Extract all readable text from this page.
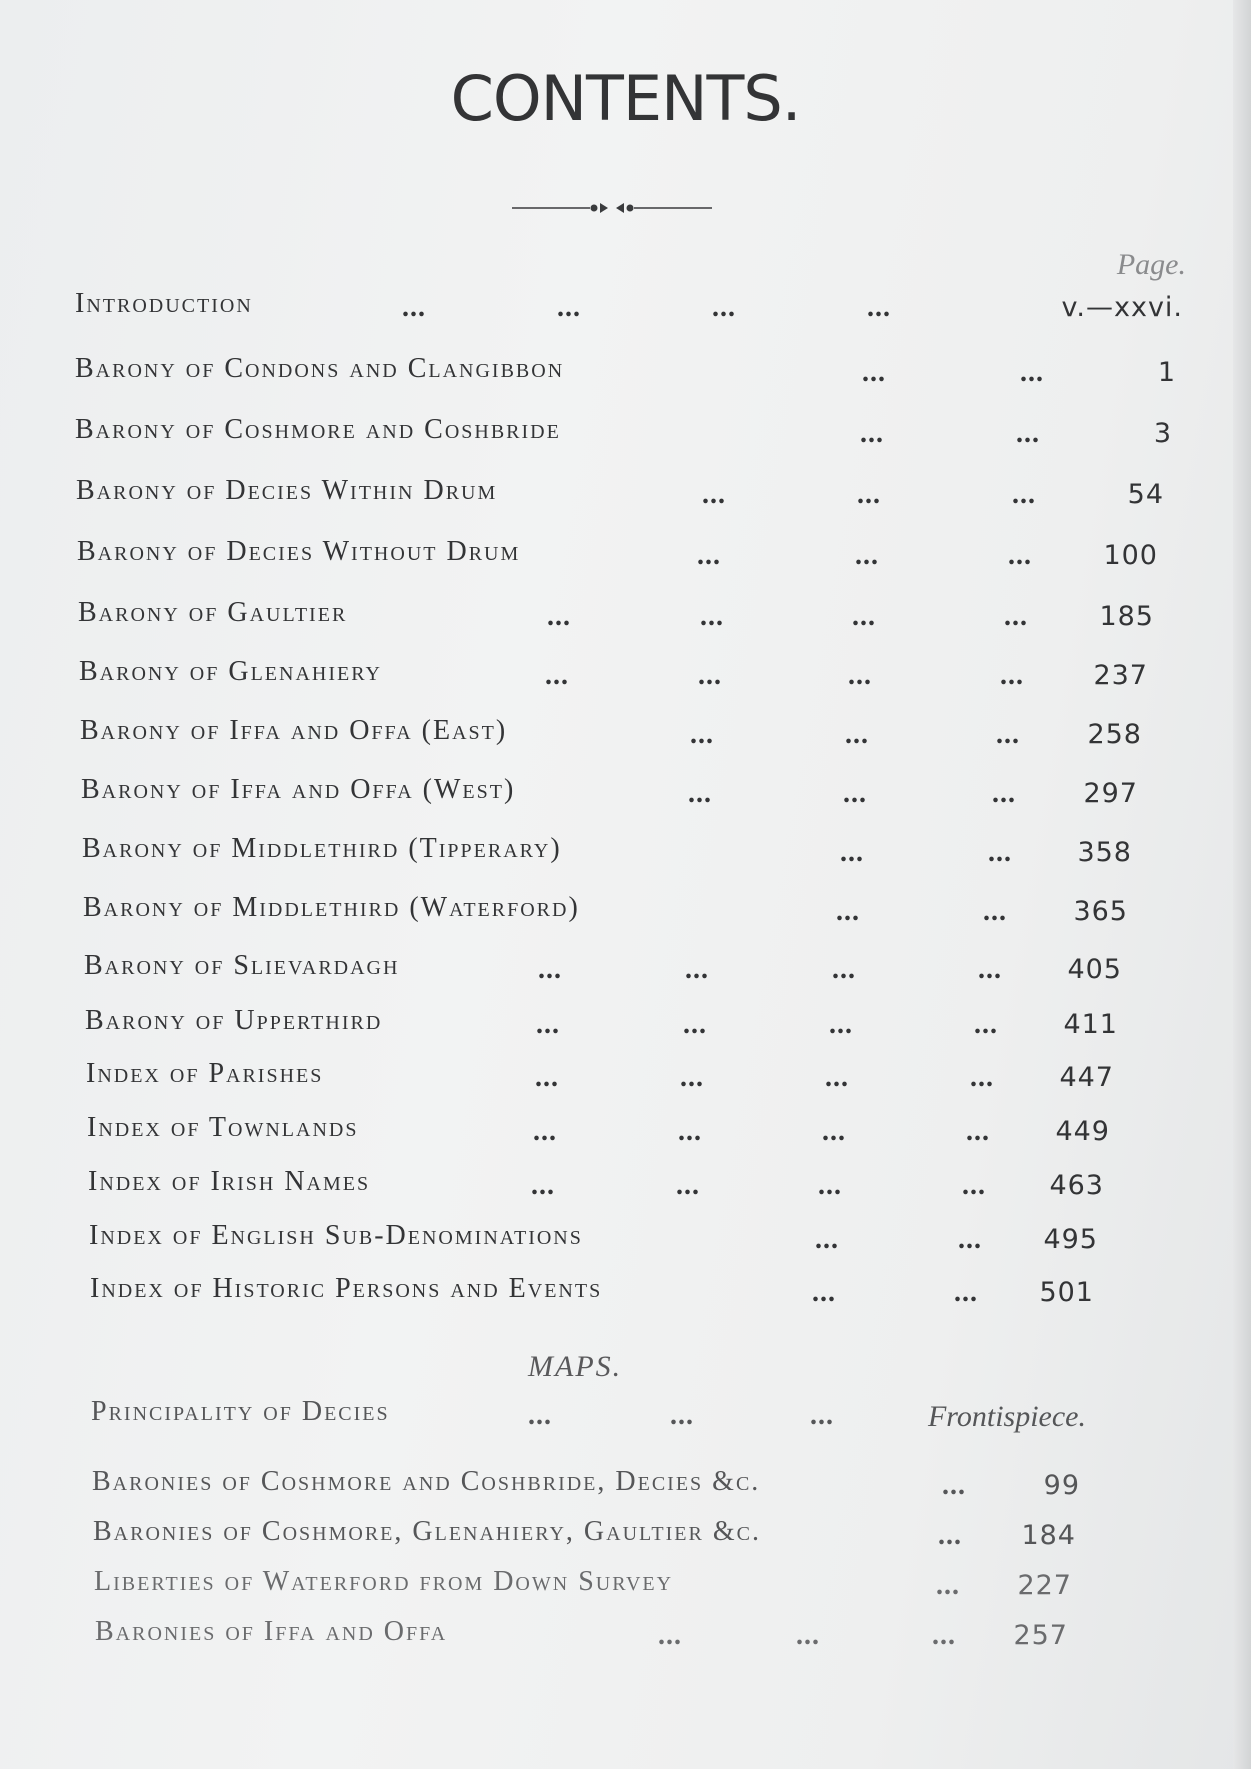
CONTENTS.
Page.
Introduction	...	...	...	...	v.—xxvi.
Barony of Condons and Clangibbon	...	...	1
Barony of Coshmore and Coshbride	...	...	3
Barony of Decies Within Drum	...	...	...	54
Barony of Decies Without Drum	...	...	...	100
Barony of Gaultier	...	...	...	...	185
Barony of Glenahiery	...	...	...	...	237
Barony of Iffa and Offa (East)	...	...	...	258
Barony of Iffa and Offa (West)	...	...	...	297
Barony of Middlethird (Tipperary)	...	...	358
Barony of Middlethird (Waterford)	...	...	365
Barony of Slievardagh	...	...	...	...	405
Barony of Upperthird	...	...	...	...	411
Index of Parishes	...	...	...	...	447
Index of Townlands	...	...	...	...	449
Index of Irish Names	...	...	...	...	463
Index of English Sub-Denominations	...	...	495
Index of Historic Persons and Events	...	...	501
MAPS.
Principality of Decies	...	...	...	Frontispiece.
Baronies of Coshmore and Coshbride, Decies &c.	...	99
Baronies of Coshmore, Glenahiery, Gaultier &c.	...	184
Liberties of Waterford from Down Survey	...	227
Baronies of Iffa and Offa	...	...	...	257
